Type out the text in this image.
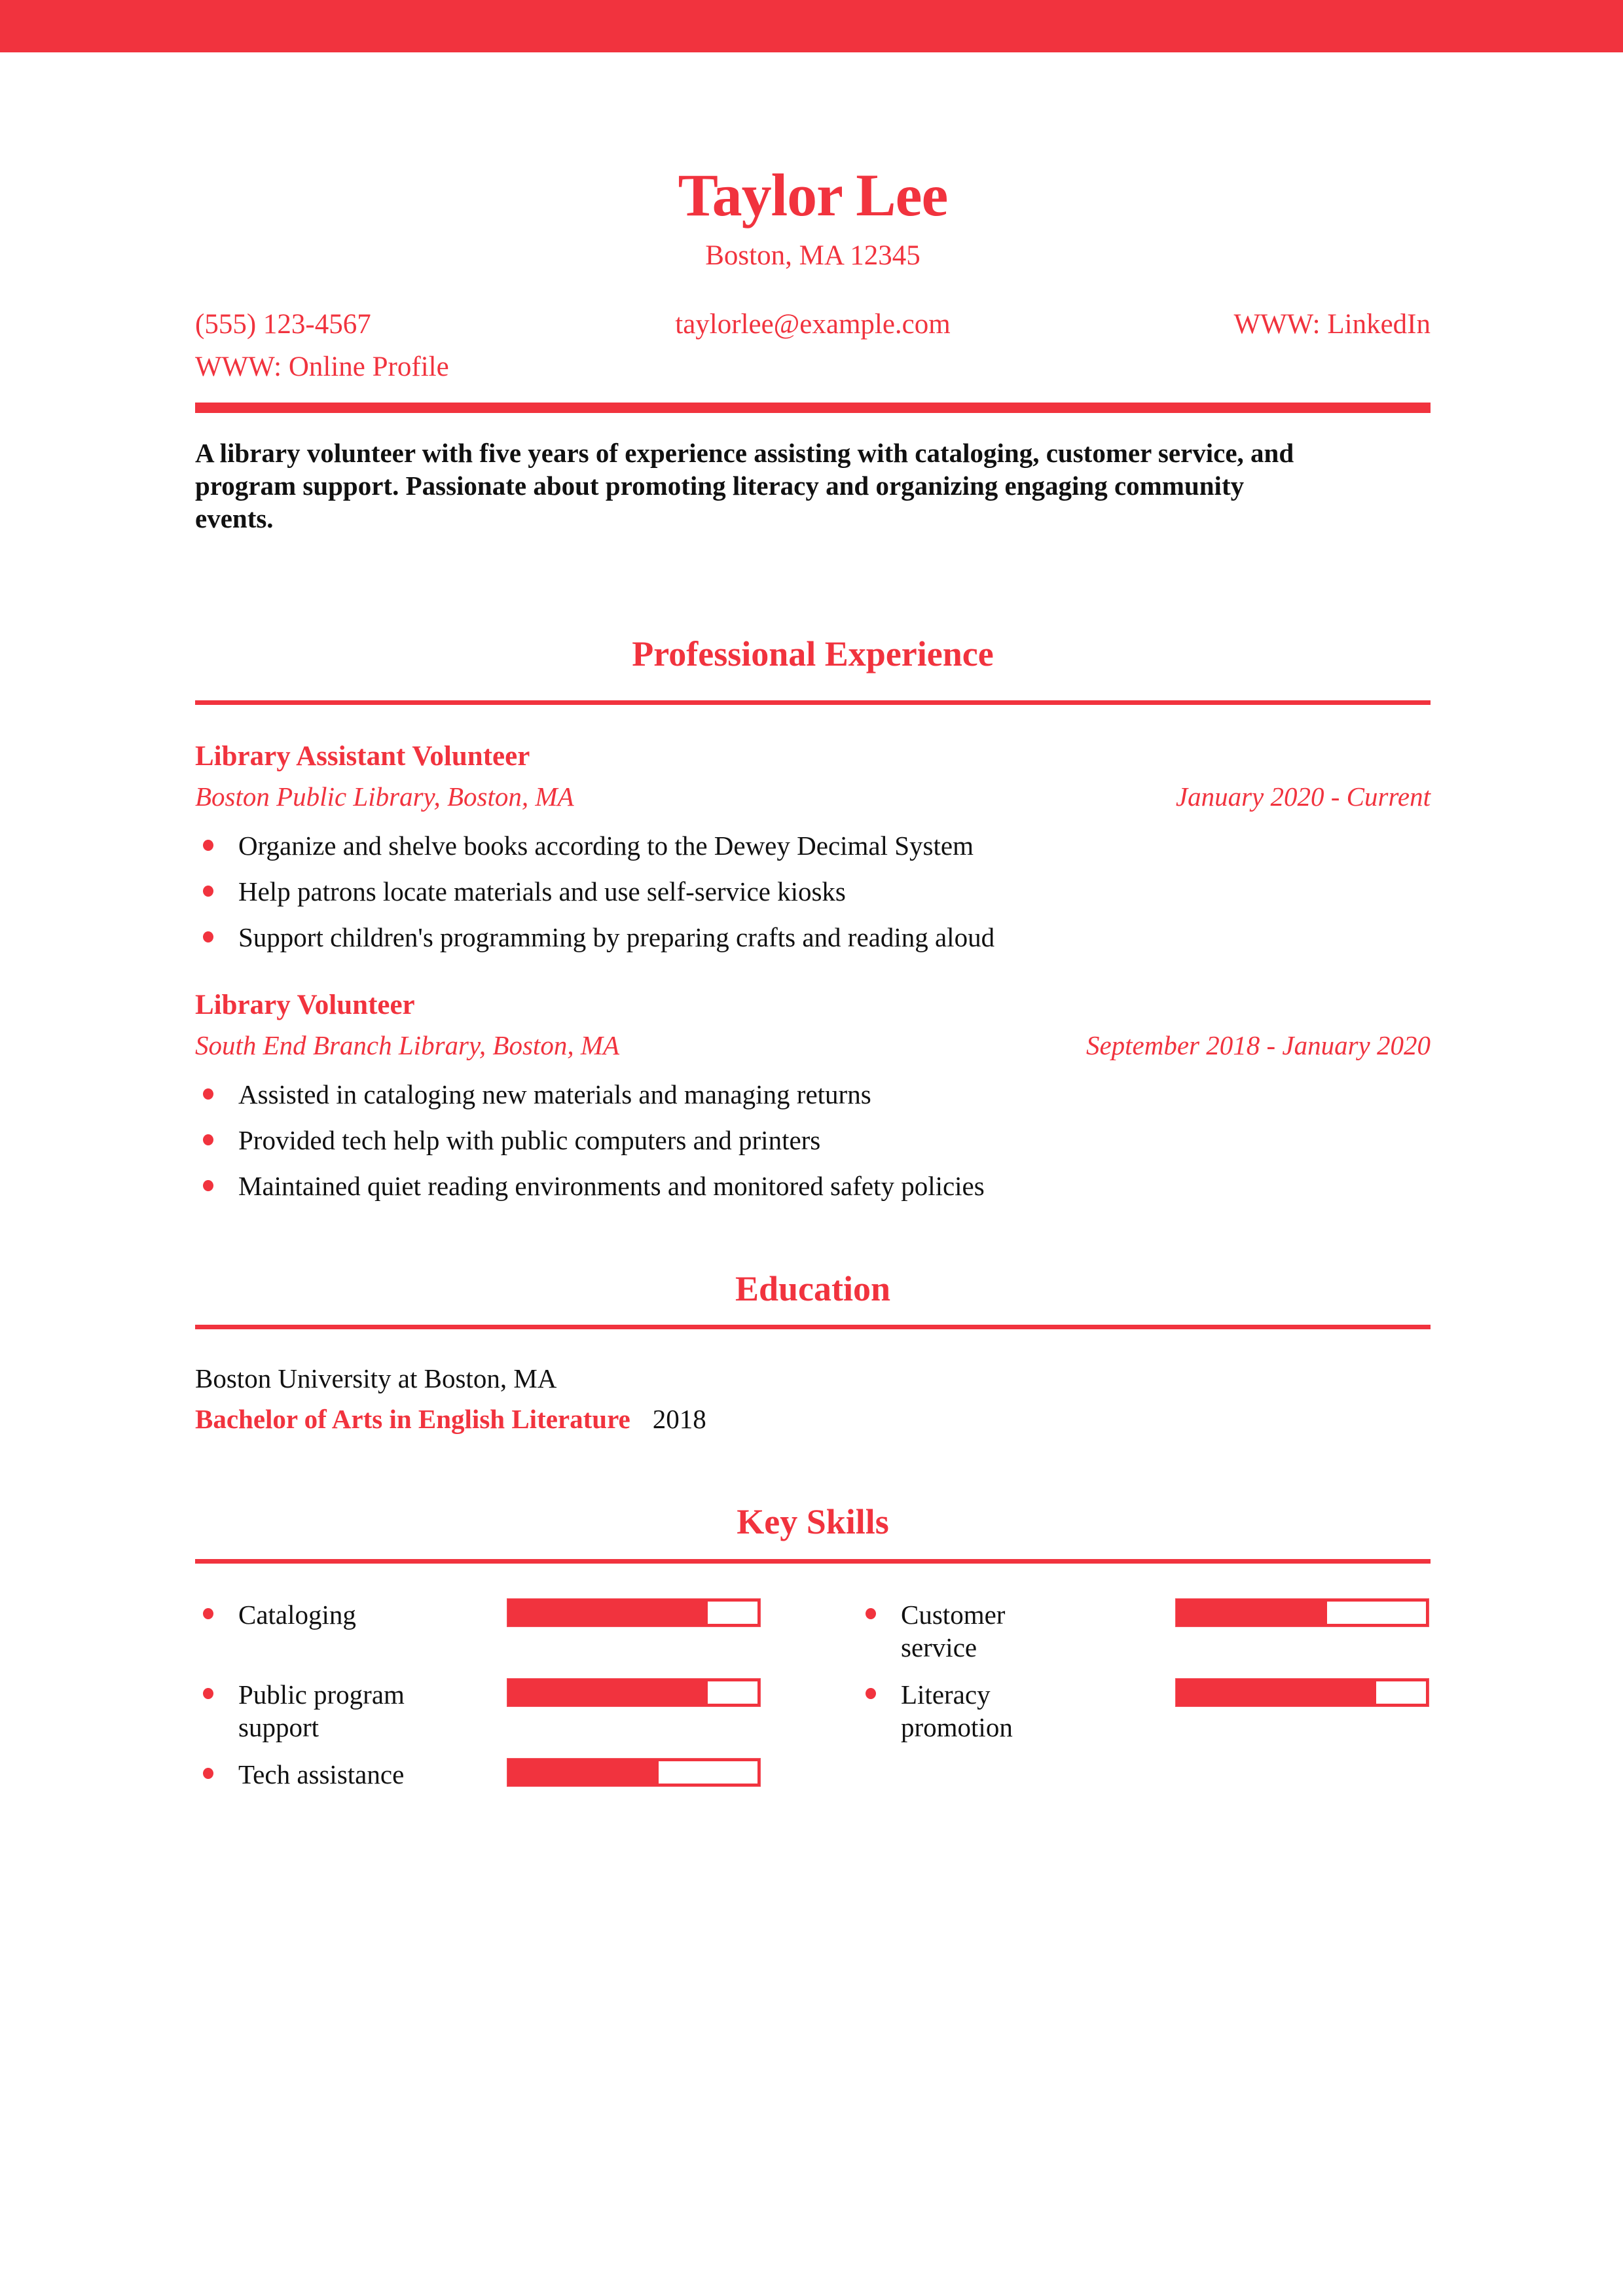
Taylor Lee
Boston, MA 12345
(555) 123-4567	taylorlee@example.com	WWW: LinkedIn
WWW: Online Profile
A library volunteer with five years of experience assisting with cataloging, customer service, and program support. Passionate about promoting literacy and organizing engaging community events.
Professional Experience
Library Assistant Volunteer
Boston Public Library, Boston, MA	January 2020 - Current
Organize and shelve books according to the Dewey Decimal System
Help patrons locate materials and use self-service kiosks
Support children's programming by preparing crafts and reading aloud
Library Volunteer
South End Branch Library, Boston, MA	September 2018 - January 2020
Assisted in cataloging new materials and managing returns
Provided tech help with public computers and printers
Maintained quiet reading environments and monitored safety policies
Education
Boston University at Boston, MA
Bachelor of Arts in English Literature 2018
Key Skills
Cataloging
Public program support
Tech assistance
Customer service
Literacy promotion
